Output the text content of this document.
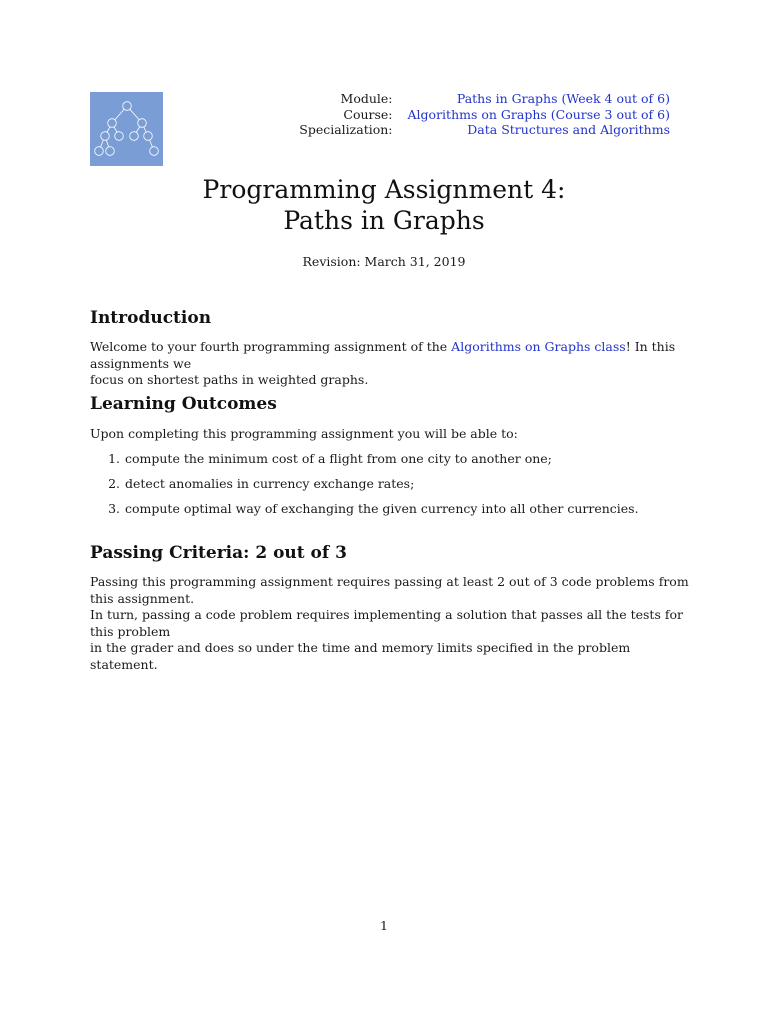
Module:	Paths in Graphs (Week 4 out of 6)
Course:	Algorithms on Graphs (Course 3 out of 6)
Specialization:	Data Structures and Algorithms
Programming Assignment 4:
Paths in Graphs
Revision: March 31, 2019
Introduction

Welcome to your fourth programming assignment of the Algorithms on Graphs class! In this assignments we
focus on shortest paths in weighted graphs.

Learning Outcomes

Upon completing this programming assignment you will be able to:

1. compute the minimum cost of a flight from one city to another one;
2. detect anomalies in currency exchange rates;
3. compute optimal way of exchanging the given currency into all other currencies.
Passing Criteria: 2 out of 3

Passing this programming assignment requires passing at least 2 out of 3 code problems from this assignment.
In turn, passing a code problem requires implementing a solution that passes all the tests for this problem
in the grader and does so under the time and memory limits specified in the problem statement.

1
